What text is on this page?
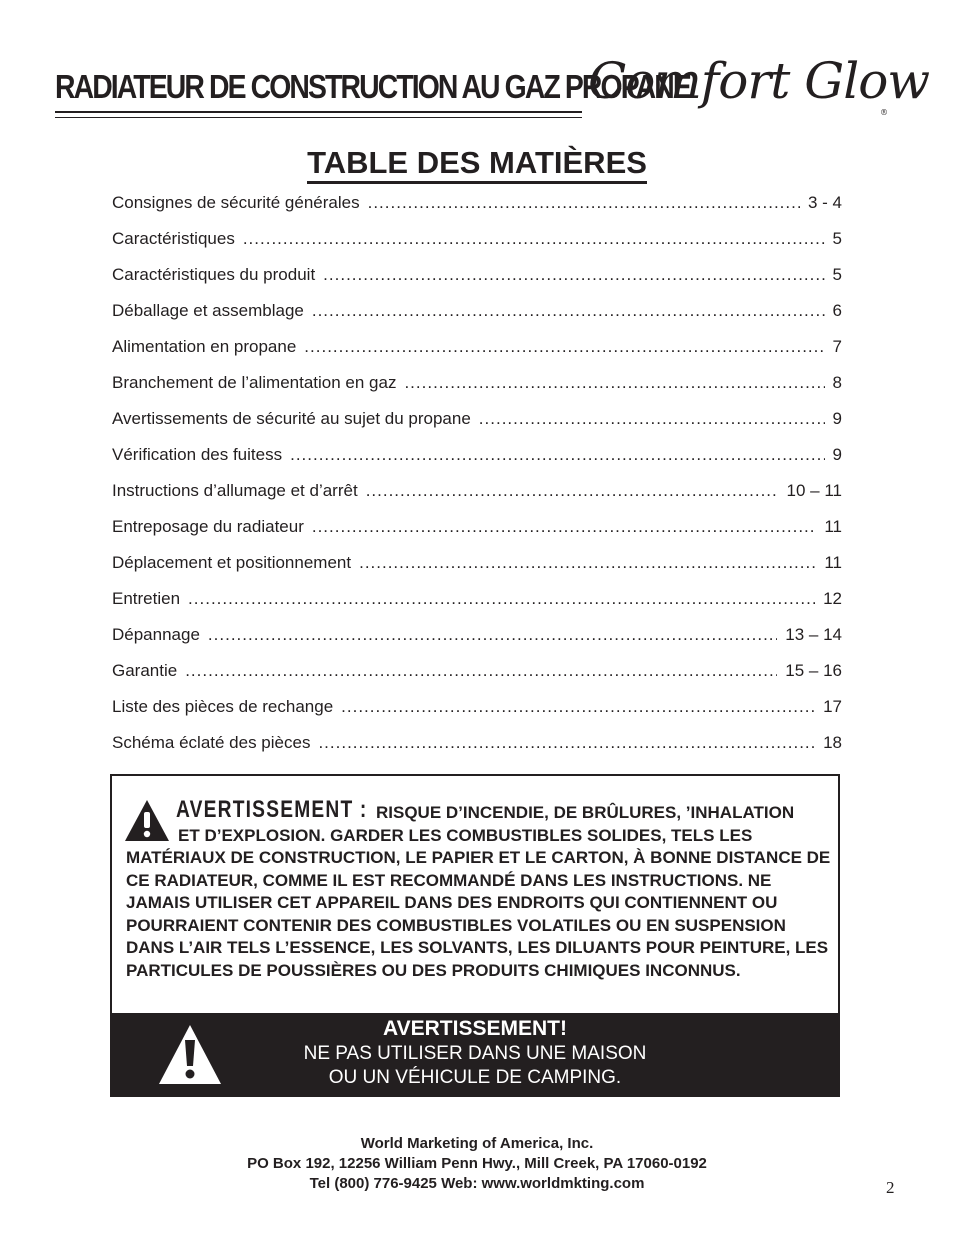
RADIATEUR DE CONSTRUCTION AU GAZ PROPANE
Comfort Glow
®
TABLE DES MATIÈRES
Consignes de sécurité générales .....	3 - 4
Caractéristiques .....	5
Caractéristiques du produit .....	5
Déballage et assemblage .....	6
Alimentation en propane .....	7
Branchement de l’alimentation en gaz .....	8
Avertissements de sécurité au sujet du propane .....	9
Vérification des fuitess .....	9
Instructions d’allumage et d’arrêt .....	10 – 11
Entreposage du radiateur .....	11
Déplacement et positionnement .....	11
Entretien .....	12
Dépannage .....	13 – 14
Garantie .....	15 – 16
Liste des pièces de rechange .....	17
Schéma éclaté des pièces .....	18
AVERTISSEMENT : RISQUE D’INCENDIE, DE BRÛLURES, ’INHALATION
ET D’EXPLOSION. GARDER LES COMBUSTIBLES SOLIDES, TELS LES
MATÉRIAUX DE CONSTRUCTION, LE PAPIER ET LE CARTON, À BONNE DISTANCE DE CE RADIATEUR, COMME IL EST RECOMMANDÉ DANS LES INSTRUCTIONS. NE JAMAIS UTILISER CET APPAREIL DANS DES ENDROITS QUI CONTIENNENT OU POURRAIENT CONTENIR DES COMBUSTIBLES VOLATILES OU EN SUSPENSION DANS L’AIR TELS L’ESSENCE, LES SOLVANTS, LES DILUANTS POUR PEINTURE, LES PARTICULES DE POUSSIÈRES OU DES PRODUITS CHIMIQUES INCONNUS.
AVERTISSEMENT!
NE PAS UTILISER DANS UNE MAISON
OU UN VÉHICULE DE CAMPING.
World Marketing of America, Inc.
PO Box 192, 12256 William Penn Hwy., Mill Creek, PA 17060-0192
Tel (800) 776-9425 Web: www.worldmkting.com	2
